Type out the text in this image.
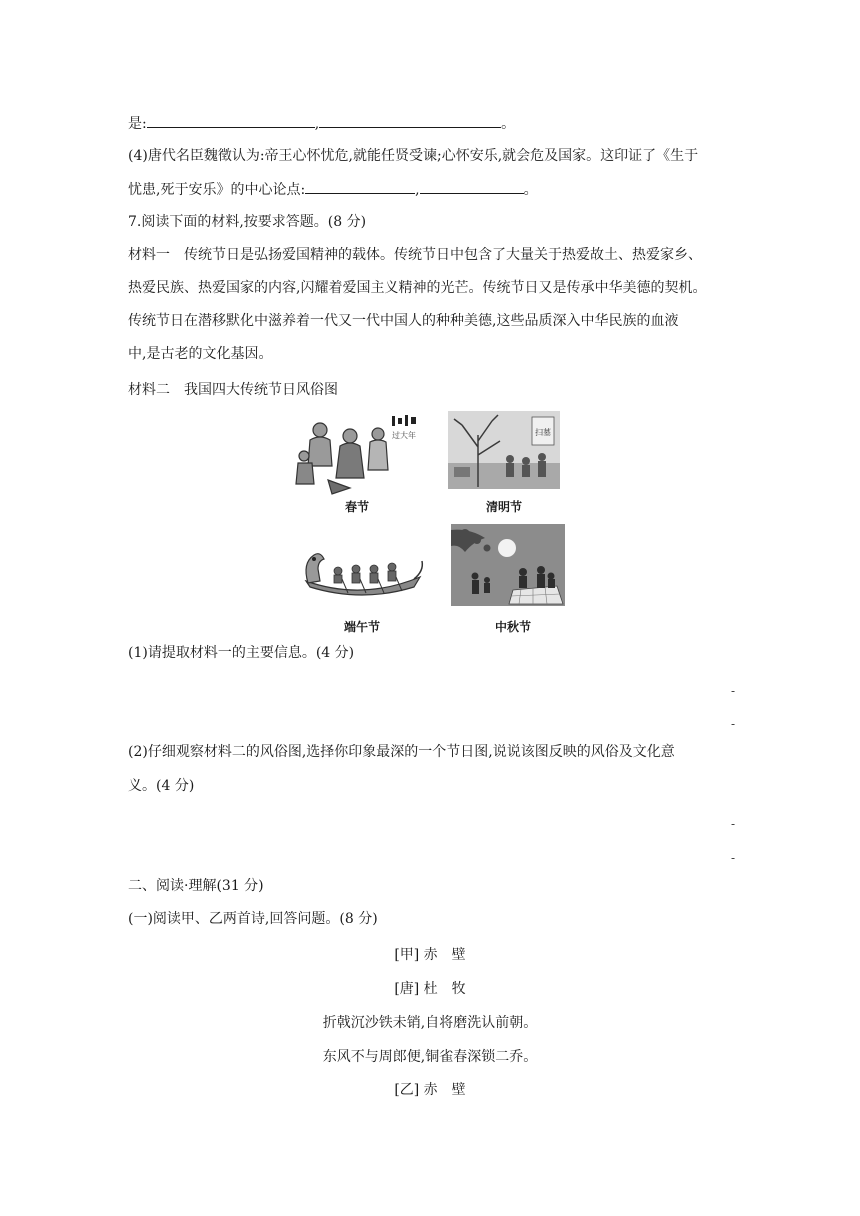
是:	,	。
(4)唐代名臣魏徵认为:帝王心怀忧危,就能任贤受谏;心怀安乐,就会危及国家。这印证了《生于
忧患,死于安乐》的中心论点:	,	。
7.阅读下面的材料,按要求答题。(8 分)
材料一　传统节日是弘扬爱国精神的载体。传统节日中包含了大量关于热爱故土、热爱家乡、
热爱民族、热爱国家的内容,闪耀着爱国主义精神的光芒。传统节日又是传承中华美德的契机。
传统节日在潜移默化中滋养着一代又一代中国人的种种美德,这些品质深入中华民族的血液
中,是古老的文化基因。
材料二　我国四大传统节日风俗图
过大年
春节
扫墓
清明节
端午节	中秋节
(1)请提取材料一的主要信息。(4 分)
-
-
(2)仔细观察材料二的风俗图,选择你印象最深的一个节日图,说说该图反映的风俗及文化意
义。(4 分)
-
-
二、阅读·理解(31 分)
(一)阅读甲、乙两首诗,回答问题。(8 分)
[甲] 赤　壁
[唐] 杜　牧
折戟沉沙铁未销,自将磨洗认前朝。
东风不与周郎便,铜雀春深锁二乔。
[乙] 赤　壁
